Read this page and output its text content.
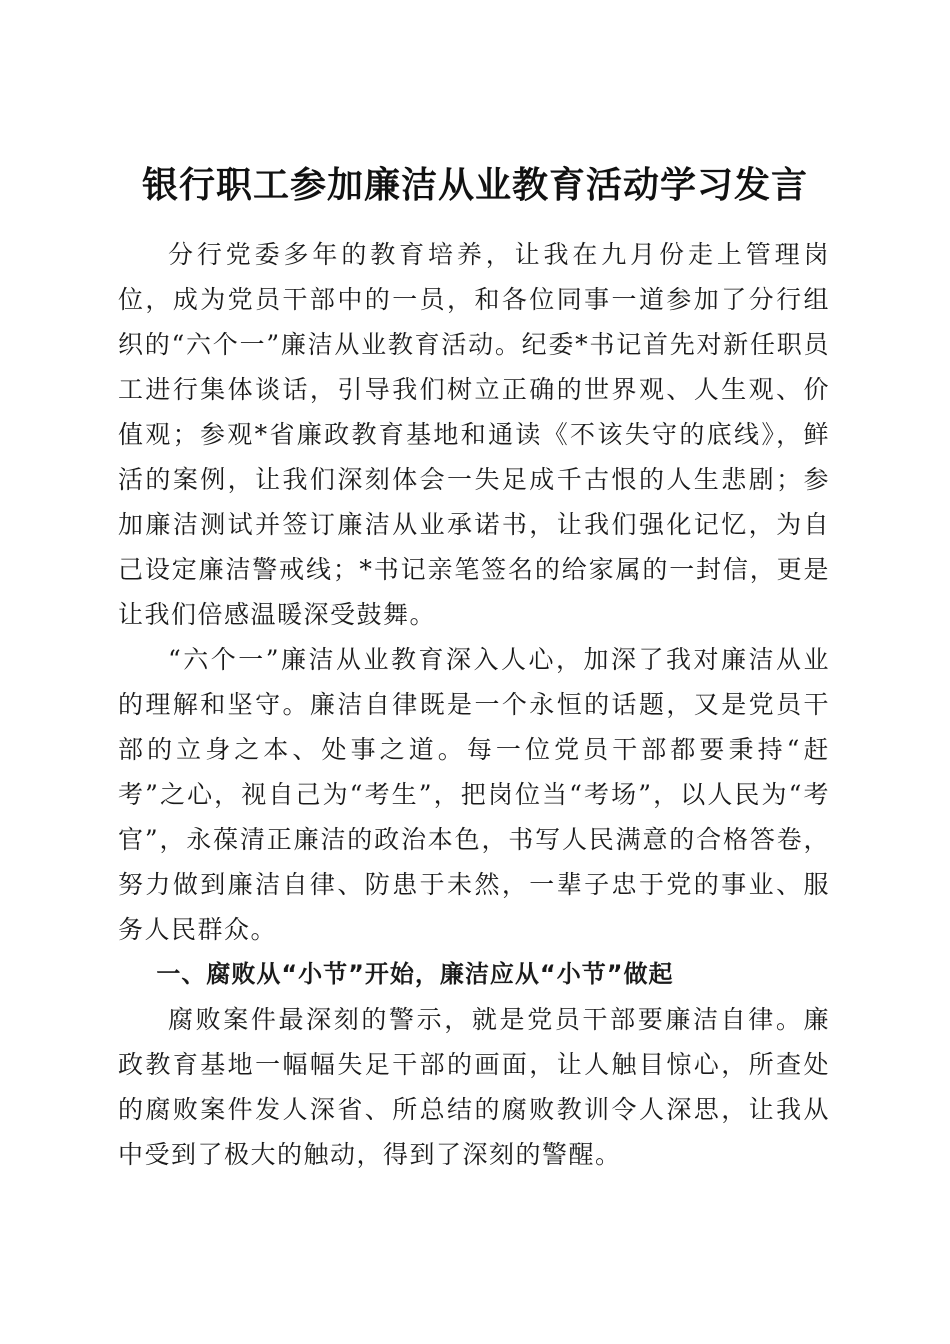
银行职工参加廉洁从业教育活动学习发言

分行党委多年的教育培养，让我在九月份走上管理岗位，成为党员干部中的一员，和各位同事一道参加了分行组织的“六个一”廉洁从业教育活动。纪委*书记首先对新任职员工进行集体谈话，引导我们树立正确的世界观、人生观、价值观；参观*省廉政教育基地和通读《不该失守的底线》，鲜活的案例，让我们深刻体会一失足成千古恨的人生悲剧；参加廉洁测试并签订廉洁从业承诺书，让我们强化记忆，为自己设定廉洁警戒线；*书记亲笔签名的给家属的一封信，更是让我们倍感温暖深受鼓舞。

“六个一”廉洁从业教育深入人心，加深了我对廉洁从业的理解和坚守。廉洁自律既是一个永恒的话题，又是党员干部的立身之本、处事之道。每一位党员干部都要秉持“赶考”之心，视自己为“考生”，把岗位当“考场”，以人民为“考官”，永葆清正廉洁的政治本色，书写人民满意的合格答卷，努力做到廉洁自律、防患于未然，一辈子忠于党的事业、服务人民群众。

一、腐败从“小节”开始，廉洁应从“小节”做起

腐败案件最深刻的警示，就是党员干部要廉洁自律。廉政教育基地一幅幅失足干部的画面，让人触目惊心，所查处的腐败案件发人深省、所总结的腐败教训令人深思，让我从中受到了极大的触动，得到了深刻的警醒。
